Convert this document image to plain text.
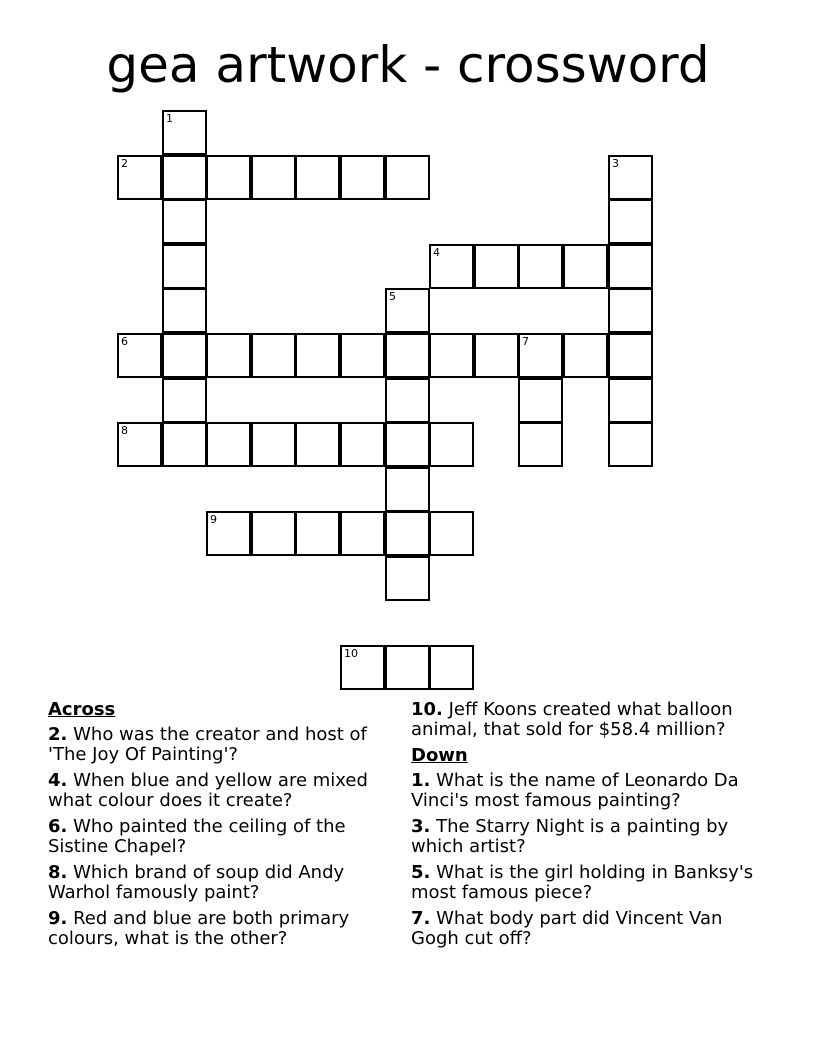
gea artwork - crossword
1
2	3
4
5
6	7
8
9
10
Across
2. Who was the creator and host of 'The Joy Of Painting'?
4. When blue and yellow are mixed what colour does it create?
6. Who painted the ceiling of the Sistine Chapel?
8. Which brand of soup did Andy Warhol famously paint?
9. Red and blue are both primary colours, what is the other?
10. Jeff Koons created what balloon animal, that sold for $58.4 million?
Down
1. What is the name of Leonardo Da Vinci's most famous painting?
3. The Starry Night is a painting by which artist?
5. What is the girl holding in Banksy's most famous piece?
7. What body part did Vincent Van Gogh cut off?
